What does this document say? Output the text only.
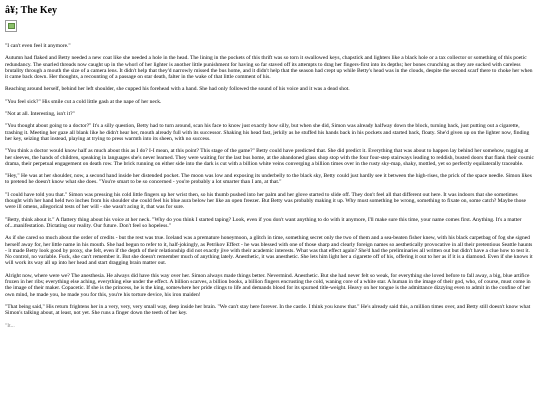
â¥; The Key

"I can't even feel it anymore."

Autumn had flaked and Betty needed a new coat like she needed a hole in the head. The lining in the pockets of this thrift was so torn it swallowed keys, chapstick and lighters like a black hole or a tax collector or something of this poetic redundancy. The snarled threads now caught up in the whorl of her lighter is another little punishment for having so far staved off its attempts to drag her fingers-first into its depths; her bones crunching as they are sucked with careless brutality through a mouth the size of a camera lens. It didn't help that they'd narrowly missed the bus home, and it didn't help that the season had crept up while Betty's head was in the clouds, despite the second scarf there to choke her when it came back down. Her thoughts, a recounting of a passage on star death, falter in the wake of that little comment of his.

Reaching around herself, behind her left shoulder, she cupped his forehead with a hand. She had only followed the sound of his voice and it was a dead shot.

"You feel sick?" His smile cut a cold little gash at the nape of her neck.

"Not at all. Interesting, isn't it?"

"You thought about going to a doctor?" It's a silly question, Betty had to turn around, scan his face to know just exactly how silly, but when she did, Simon was already halfway down the block, turning back, just putting out a cigarette, trashing it. Meeting her gaze all blank like he didn't hear her, mouth already full with its successor. Shaking his head fast, jerkily as he stuffed his hands back in his pockets and started back, floaty. She'd given up on the lighter now, finding her key, seizing that instead, playing at trying to press warmth into its sheen, with no success.

"You think a doctor would know half as much about this as I do? I-I mean, at this point? This stage of the game?" Betty could have predicted that. She did predict it. Everything that was about to happen lay behind her somehow, tugging at her sleeves, the hands of children, speaking in languages she's never learned. They were waiting for the last bus home, at the abandoned glass shop stop with the four four-step stairways leading to reddish, busted doors that flank their cosmic drama, their perpetual engagement on death row. The brick running on either side into the dark is cut with a billion white veins converging a billion times over in the rusty sky-map, shaky, mottled, yet so perfectly equilaterally traceable.

"Hey," He was at her shoulder, now, a second hand inside her distended pocket. The moon was low and exposing its underbelly to the black sky, Betty could just hardly see it between the high-rises, the prick of the space needle. Simon likes to pretend he doesn't know what she does. "You're smart to be so concerned - you're probably a lot smarter than I am, at that."

"I could have told you that." Simon was pressing his cold little fingers up her wrist then, so his thumb pushed into her palm and her glove started to slide off. They don't feel all that different out here. It was indoors that she sometimes thought with her hand held two inches from his shoulder she could feel his blue aura below her like an open freezer. But Betty was probably making it up. Why must something be wrong, something to fixate on, some catch? Maybe those were ill omens, allegorical tests of her will - she wasn't acing it, that was for sure.

"Betty, think about it." A flattery thing about his voice at her neck. "Why do you think I started taping? Look, even if you don't want anything to do with it anymore, I'll make sure this time, your name comes first. Anything. It's a matter of...manifestation. Dictating our reality. Our future. Don't feel so hopeless."

As if she cared so much about the order of credits - but the rest was true. Iceland was a premature honeymoon, a glitch in time, something secret only the two of them and a sea-beaten fisher knew, with his black carpetbag of fog she signed herself away for, her little name in his mouth. She had begun to refer to it, half-jokingly, as Petrikov Effect - he was blessed with one of those sharp and clearly foreign names so aesthetically provocative in all their pretentious Seattle haunts - it made Betty look good by proxy, she felt, even if the depth of their relationship did not exactly jive with their academic interests. What was that effect again? She'd had the preliminaries all written out but didn't have a clue how to test it. No control, no variable. Fuck, she can't remember it. But she doesn't remember much of anything lately. Anesthetic, it was anesthetic. She lets him light her a cigarette off of his, offering it out to her as if it is a diamond. Even if she knows it will work its way all up into her head and start dragging brain matter out.

Alright now, where were we? The anesthesia. He always did have this way over her. Simon always made things better. Nevermind. Anesthetic. But she had never felt so weak, for everything she loved before to fall away, a big, blue artifice frozen in her ribs; everything else aching, everything else under the effect. A billion scarves, a billion books, a billion fingers encrusting the cold, waning core of a white star. A human in the image of their god, who, of course, must come in the image of their maker. Copacetic. If she is the princess, he is the king, somewhere her pride clings to life and demands blood for its spurned title-weight. Heavy on her tongue is the admittance dizzying even to admit in the confine of her own mind, he made you, he made you for this, you're his torture device, his iron maiden!

"That being said," His return frightens her in a very, very, very small way, deep inside her brain. "We can't stay here forever. In the castle. I think you know that." He's already said this, a million times over, and Betty still doesn't know what Simon's talking about, at least, not yet. She runs a finger down the teeth of her key.

"It...
